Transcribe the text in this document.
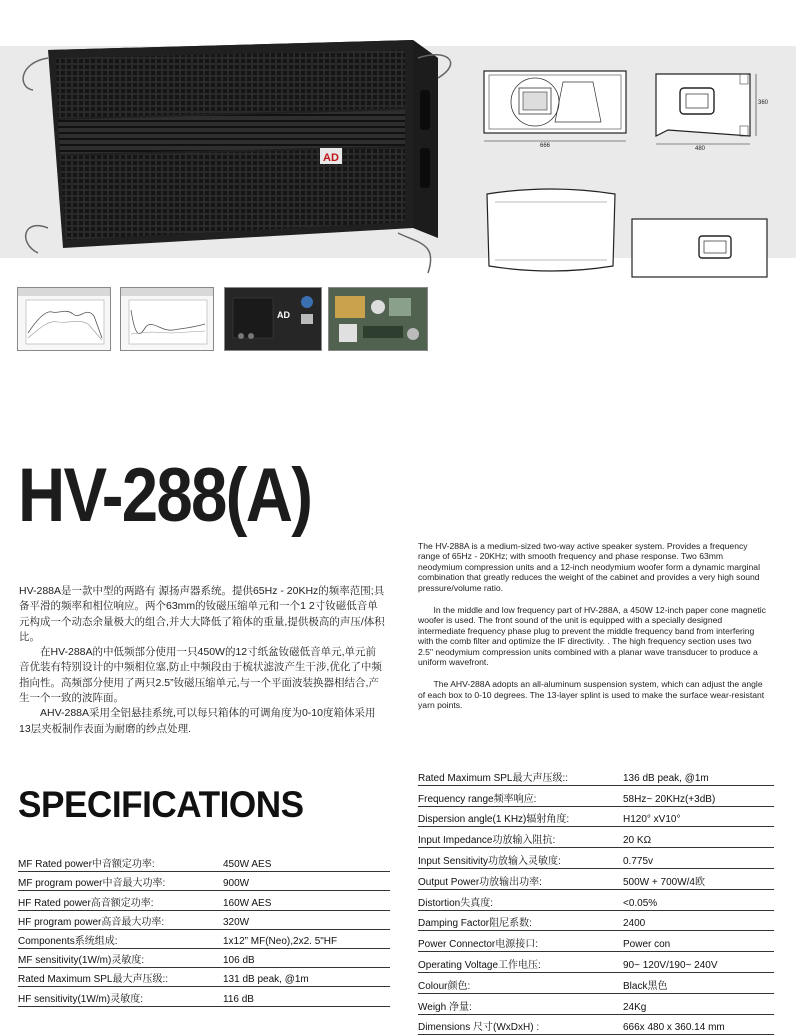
AD
666	480
360
AD
HV-288(A)
HV-288A是一款中型的两路有 源扬声器系统。提供65Hz - 20KHz的频率范围;具备平滑的频率和相位响应。两个63mm的钕磁压缩单元和一个1 2寸钕磁低音单元构成一个动态余量极大的组合,并大大降低了箱体的重量,提供极高的声压/体积比。
在HV-288A的中低频部分使用一只450W的12寸纸盆钕磁低音单元,单元前音优装有特别设计的中频相位塞,防止中频段由于梳状滤波产生干涉,优化了中频指向性。高频部分使用了两只2.5”钕磁压缩单元,与一个平面波装换器相结合,产生一个一致的波阵面。
AHV-288A采用全铝悬挂系统,可以每只箱体的可调角度为0-10度箱体采用13层夹板制作表面为耐磨的纱点处理.

The HV-288A is a medium-sized two-way active speaker system. Provides a frequency range of 65Hz - 20KHz; with smooth frequency and phase response. Two 63mm neodymium compression units and a 12-inch neodymium woofer form a dynamic marginal combination that greatly reduces the weight of the cabinet and provides a very high sound pressure/volume ratio.

In the middle and low frequency part of HV-288A, a 450W 12-inch paper cone magnetic woofer is used. The front sound of the unit is equipped with a specially designed intermediate frequency phase plug to prevent the middle frequency band from interfering with the comb filter and optimize the IF directivity. . The high frequency section uses two 2.5" neodymium compression units combined with a planar wave transducer to produce a uniform wavefront.

The AHV-288A adopts an all-aluminum suspension system, which can adjust the angle of each box to 0-10 degrees. The 13-layer splint is used to make the surface wear-resistant yarn points.

SPECIFICATIONS
MF Rated power中音额定功率:	450W AES
MF program power中音最大功率:	900W
HF Rated power高音额定功率:	160W AES
HF program power高音最大功率:	320W
Components系统组成:	1x12” MF(Neo),2x2. 5"HF
MF sensitivity(1W/m)灵敏度:	106 dB
Rated Maximum SPL最大声压级::	131 dB peak, @1m
HF sensitivity(1W/m)灵敏度:	116 dB
Rated Maximum SPL最大声压级::	136 dB peak, @1m
Frequency range频率响应:	58Hz~ 20KHz(+3dB)
Dispersion angle(1 KHz)辐射角度:	H120° xV10°
Input Impedance功放输入阻抗:	20 KΩ
Input Sensitivity功放输入灵敏度:	0.775v
Output Power功放输出功率:	500W + 700W/4欧
Distortion失真度:	<0.05%
Damping Factor阻尼系数:	2400
Power Connector电源接口:	Power con
Operating Voltage工作电压:	90~ 120V/190~ 240V
Colour颜色:	Black黑色
Weigh 净量:	24Kg
Dimensions 尺寸(WxDxH) :	666x 480 x 360.14 mm
